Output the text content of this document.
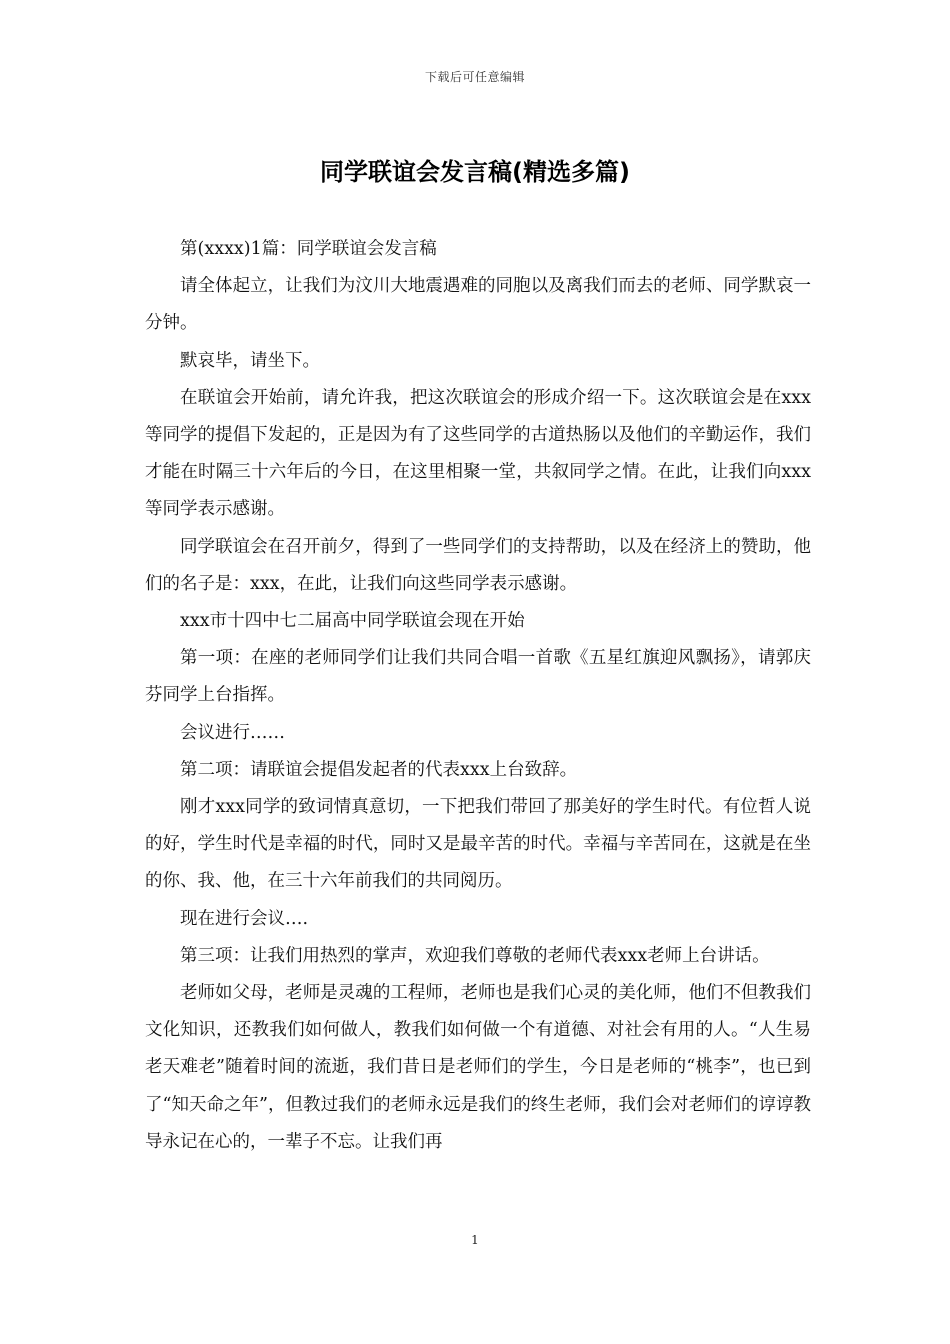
下载后可任意编辑
同学联谊会发言稿(精选多篇)

第(xxxx)1篇：同学联谊会发言稿

请全体起立，让我们为汶川大地震遇难的同胞以及离我们而去的老师、同学默哀一分钟。

默哀毕，请坐下。

在联谊会开始前，请允许我，把这次联谊会的形成介绍一下。这次联谊会是在xxx等同学的提倡下发起的，正是因为有了这些同学的古道热肠以及他们的辛勤运作，我们才能在时隔三十六年后的今日，在这里相聚一堂，共叙同学之情。在此，让我们向xxx等同学表示感谢。

同学联谊会在召开前夕，得到了一些同学们的支持帮助，以及在经济上的赞助，他们的名子是：xxx，在此，让我们向这些同学表示感谢。

xxx市十四中七二届高中同学联谊会现在开始

第一项：在座的老师同学们让我们共同合唱一首歌《五星红旗迎风飘扬》，请郭庆芬同学上台指挥。

会议进行……

第二项：请联谊会提倡发起者的代表xxx上台致辞。

刚才xxx同学的致词情真意切，一下把我们带回了那美好的学生时代。有位哲人说的好，学生时代是幸福的时代，同时又是最辛苦的时代。幸福与辛苦同在，这就是在坐的你、我、他，在三十六年前我们的共同阅历。

现在进行会议….

第三项：让我们用热烈的掌声，欢迎我们尊敬的老师代表xxx老师上台讲话。

老师如父母，老师是灵魂的工程师，老师也是我们心灵的美化师，他们不但教我们文化知识，还教我们如何做人，教我们如何做一个有道德、对社会有用的人。“人生易老天难老”随着时间的流逝，我们昔日是老师们的学生，今日是老师的“桃李”，也已到了“知天命之年”，但教过我们的老师永远是我们的终生老师，我们会对老师们的谆谆教导永记在心的，一辈子不忘。让我们再

1
